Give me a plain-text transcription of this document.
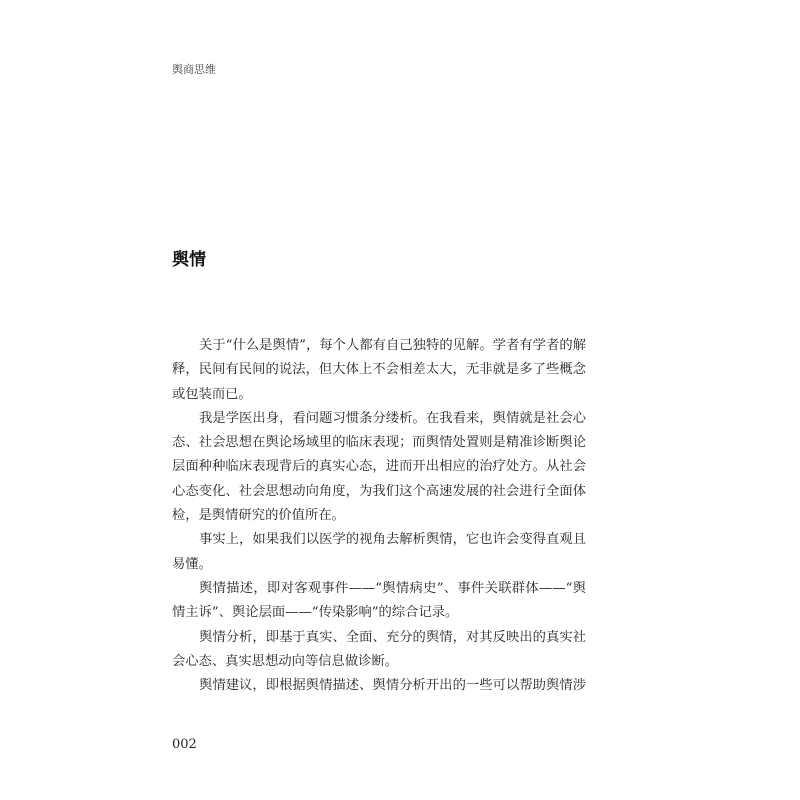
舆商思维
舆情
关于“什么是舆情”，每个人都有自己独特的见解。学者有学者的解
释，民间有民间的说法，但大体上不会相差太大，无非就是多了些概念
或包装而已。
我是学医出身，看问题习惯条分缕析。在我看来，舆情就是社会心
态、社会思想在舆论场域里的临床表现；而舆情处置则是精准诊断舆论
层面种种临床表现背后的真实心态，进而开出相应的治疗处方。从社会
心态变化、社会思想动向角度，为我们这个高速发展的社会进行全面体
检，是舆情研究的价值所在。
事实上，如果我们以医学的视角去解析舆情，它也许会变得直观且
易懂。
舆情描述，即对客观事件——“舆情病史”、事件关联群体——“舆
情主诉”、舆论层面——“传染影响”的综合记录。
舆情分析，即基于真实、全面、充分的舆情，对其反映出的真实社
会心态、真实思想动向等信息做诊断。
舆情建议，即根据舆情描述、舆情分析开出的一些可以帮助舆情涉
002
